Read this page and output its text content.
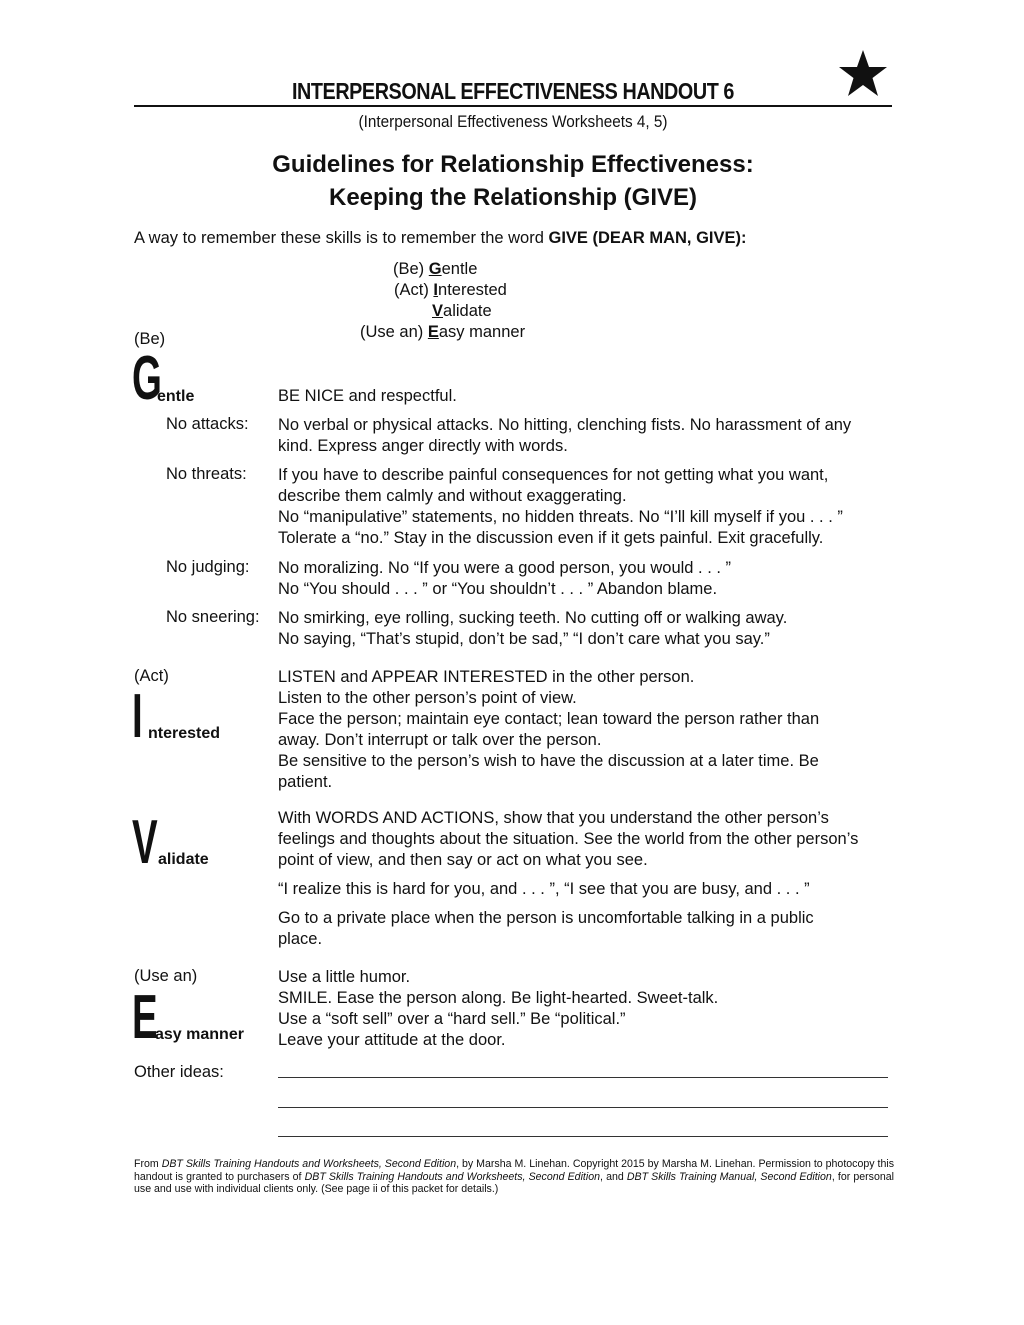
INTERPERSONAL EFFECTIVENESS HANDOUT 6
(Interpersonal Effectiveness Worksheets 4, 5)
Guidelines for Relationship Effectiveness:
Keeping the Relationship (GIVE)
A way to remember these skills is to remember the word GIVE (DEAR MAN, GIVE):
(Be) Gentle
(Act) Interested
Validate
(Use an) Easy manner
(Be)
G
entle	BE NICE and respectful.
No attacks: No verbal or physical attacks. No hitting, clenching fists. No harassment of any
kind. Express anger directly with words.
No threats: If you have to describe painful consequences for not getting what you want,
describe them calmly and without exaggerating.
No “manipulative” statements, no hidden threats. No “I’ll kill myself if you . . . ”
Tolerate a “no.” Stay in the discussion even if it gets painful. Exit gracefully.
No judging: No moralizing. No “If you were a good person, you would . . . ”
No “You should . . . ” or “You shouldn’t . . . ” Abandon blame.
No sneering: No smirking, eye rolling, sucking teeth. No cutting off or walking away.
No saying, “That’s stupid, don’t be sad,” “I don’t care what you say.”
(Act)
I nterested
LISTEN and APPEAR INTERESTED in the other person.
Listen to the other person’s point of view.
Face the person; maintain eye contact; lean toward the person rather than
away. Don’t interrupt or talk over the person.
Be sensitive to the person’s wish to have the discussion at a later time. Be
patient.
V alidate
With WORDS AND ACTIONS, show that you understand the other person’s
feelings and thoughts about the situation. See the world from the other person’s
point of view, and then say or act on what you see.
“I realize this is hard for you, and . . . ”, “I see that you are busy, and . . . ”
Go to a private place when the person is uncomfortable talking in a public
place.
(Use an)
E
asy manner
Use a little humor.
SMILE. Ease the person along. Be light-hearted. Sweet-talk.
Use a “soft sell” over a “hard sell.” Be “political.”
Leave your attitude at the door.
Other ideas:
From DBT Skills Training Handouts and Worksheets, Second Edition, by Marsha M. Linehan. Copyright 2015 by Marsha M. Linehan. Permission to photocopy this handout is granted to purchasers of DBT Skills Training Handouts and Worksheets, Second Edition, and DBT Skills Training Manual, Second Edition, for personal use and use with individual clients only. (See page ii of this packet for details.)
